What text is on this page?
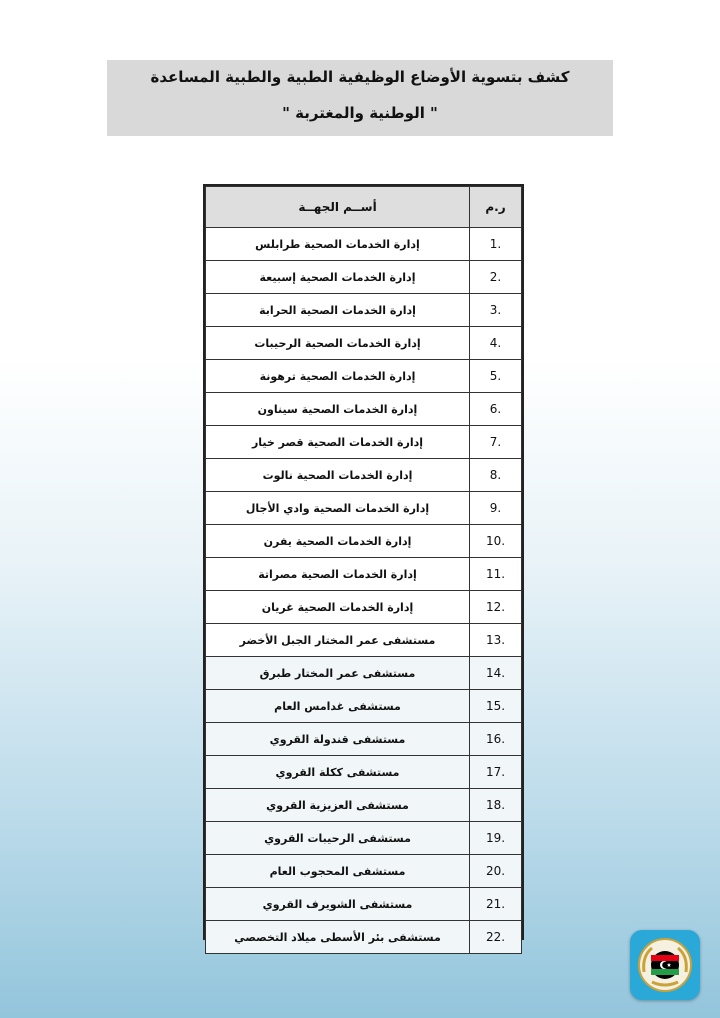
كشف بتسوية الأوضاع الوظيفية الطبية والطبية المساعدة
" الوطنية والمغتربة "
ر.م	أســم الجهــة
1.	إدارة الخدمات الصحية طرابلس
2.	إدارة الخدمات الصحية إسبيعة
3.	إدارة الخدمات الصحية الحرابة
4.	إدارة الخدمات الصحية الرحيبات
5.	إدارة الخدمات الصحية ترهونة
6.	إدارة الخدمات الصحية سيناون
7.	إدارة الخدمات الصحية قصر خيار
8.	إدارة الخدمات الصحية نالوت
9.	إدارة الخدمات الصحية وادي الأجال
10.	إدارة الخدمات الصحية يفرن
11.	إدارة الخدمات الصحية مصراتة
12.	إدارة الخدمات الصحية غريان
13.	مستشفى عمر المختار الجبل الأخضر
14.	مستشفى عمر المختار طبرق
15.	مستشفى غدامس العام
16.	مستشفى قندولة القروي
17.	مستشفى ككلة القروي
18.	مستشفى العزيزية القروي
19.	مستشفى الرحيبات القروي
20.	مستشفى المحجوب العام
21.	مستشفى الشويرف القروي
22.	مستشفى بئر الأسطى ميلاد التخصصي
